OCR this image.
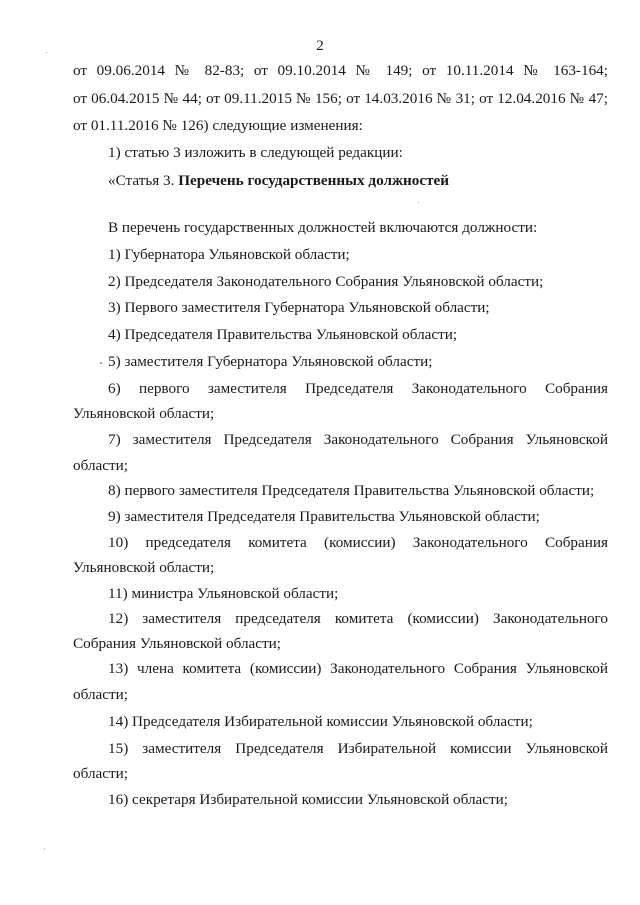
2
от 09.06.2014 № 82-83; от 09.10.2014 № 149; от 10.11.2014 № 163-164;
от 06.04.2015 № 44; от 09.11.2015 № 156; от 14.03.2016 № 31; от 12.04.2016 № 47;
от 01.11.2016 № 126) следующие изменения:
1) статью 3 изложить в следующей редакции:
«Статья 3. Перечень государственных должностей
В перечень государственных должностей включаются должности:
1) Губернатора Ульяновской области;
2) Председателя Законодательного Собрания Ульяновской области;
3) Первого заместителя Губернатора Ульяновской области;
4) Председателя Правительства Ульяновской области;
5) заместителя Губернатора Ульяновской области;
6) первого заместителя Председателя Законодательного Собрания
Ульяновской области;
7) заместителя Председателя Законодательного Собрания Ульяновской
области;
8) первого заместителя Председателя Правительства Ульяновской области;
9) заместителя Председателя Правительства Ульяновской области;
10) председателя комитета (комиссии) Законодательного Собрания
Ульяновской области;
11) министра Ульяновской области;
12) заместителя председателя комитета (комиссии) Законодательного
Собрания Ульяновской области;
13) члена комитета (комиссии) Законодательного Собрания Ульяновской
области;
14) Председателя Избирательной комиссии Ульяновской области;
15) заместителя Председателя Избирательной комиссии Ульяновской
области;
16) секретаря Избирательной комиссии Ульяновской области;
